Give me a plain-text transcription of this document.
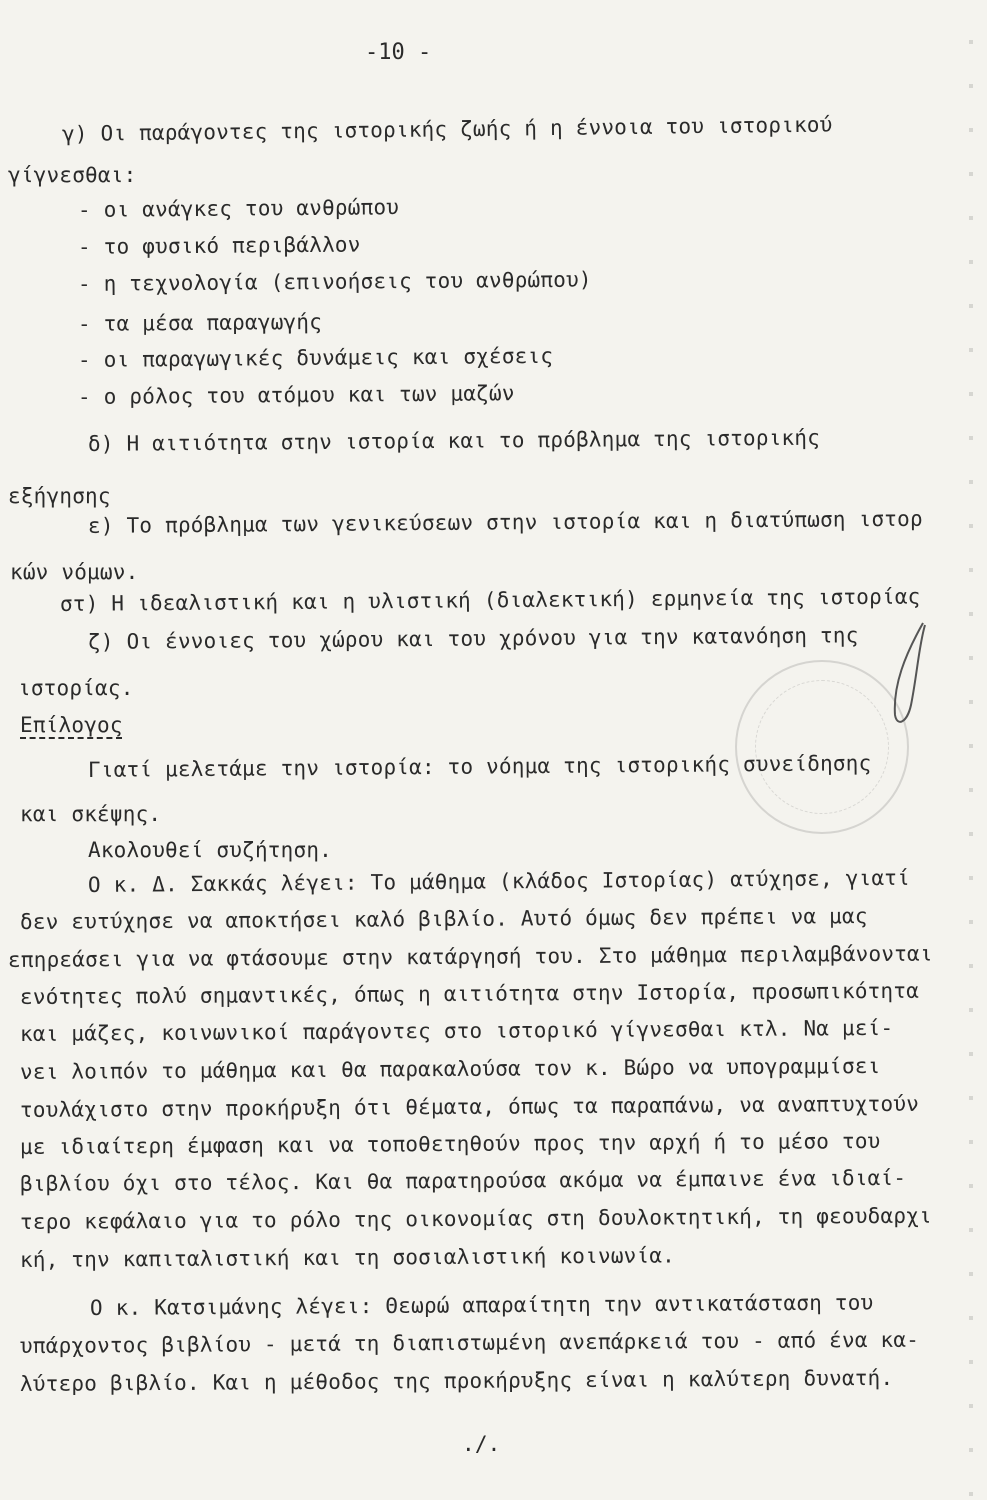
-10 -
γ) Οι παράγοντες της ιστορικής ζωής ή η έννοια του ιστορικού
γίγνεσθαι:
- οι ανάγκες του ανθρώπου
- το φυσικό περιβάλλον
- η τεχνολογία (επινοήσεις του ανθρώπου)
- τα μέσα παραγωγής
- οι παραγωγικές δυνάμεις και σχέσεις
- ο ρόλος του ατόμου και των μαζών
δ) Η αιτιότητα στην ιστορία και το πρόβλημα της ιστορικής
εξήγησης
ε) Το πρόβλημα των γενικεύσεων στην ιστορία και η διατύπωση ιστορ
κών νόμων.
στ) Η ιδεαλιστική και η υλιστική (διαλεκτική) ερμηνεία της ιστορίας
ζ) Οι έννοιες του χώρου και του χρόνου για την κατανόηση της
ιστορίας.
Επίλογος
Γιατί μελετάμε την ιστορία: το νόημα της ιστορικής συνείδησης
και σκέψης.
Ακολουθεί συζήτηση.
Ο κ. Δ. Σακκάς λέγει: Το μάθημα (κλάδος Ιστορίας) ατύχησε, γιατί
δεν ευτύχησε να αποκτήσει καλό βιβλίο. Αυτό όμως δεν πρέπει να μας
επηρεάσει για να φτάσουμε στην κατάργησή του. Στο μάθημα περιλαμβάνονται
ενότητες πολύ σημαντικές, όπως η αιτιότητα στην Ιστορία, προσωπικότητα
και μάζες, κοινωνικοί παράγοντες στο ιστορικό γίγνεσθαι κτλ. Να μεί-
νει λοιπόν το μάθημα και θα παρακαλούσα τον κ. Βώρο να υπογραμμίσει
τουλάχιστο στην προκήρυξη ότι θέματα, όπως τα παραπάνω, να αναπτυχτούν
με ιδιαίτερη έμφαση και να τοποθετηθούν προς την αρχή ή το μέσο του
βιβλίου όχι στο τέλος. Και θα παρατηρούσα ακόμα να έμπαινε ένα ιδιαί-
τερο κεφάλαιο για το ρόλο της οικονομίας στη δουλοκτητική, τη φεουδαρχι
κή, την καπιταλιστική και τη σοσιαλιστική κοινωνία.
Ο κ. Κατσιμάνης λέγει: Θεωρώ απαραίτητη την αντικατάσταση του
υπάρχοντος βιβλίου - μετά τη διαπιστωμένη ανεπάρκειά του - από ένα κα-
λύτερο βιβλίο. Και η μέθοδος της προκήρυξης είναι η καλύτερη δυνατή.
./.
